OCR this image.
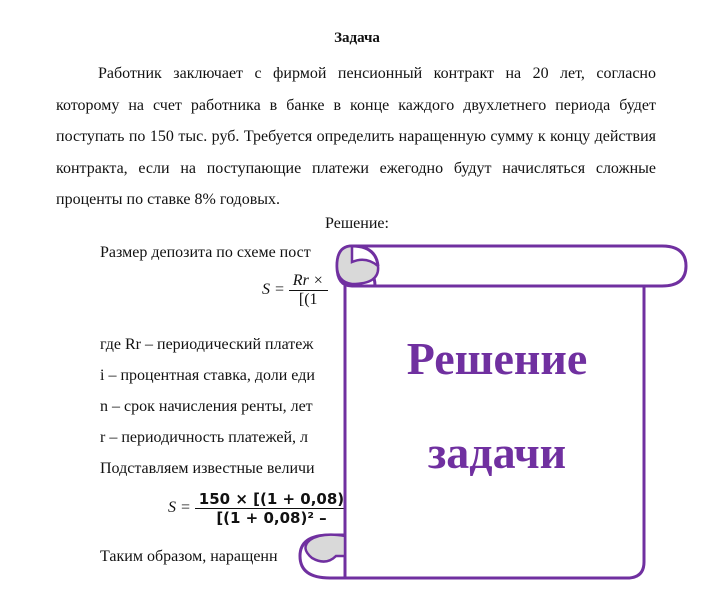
Задача
Работник заключает с фирмой пенсионный контракт на 20 лет, согласно которому на счет работника в банке в конце каждого двухлетнего периода будет поступать по 150 тыс. руб. Требуется определить наращенную сумму к концу действия контракта, если на поступающие платежи ежегодно будут начисляться сложные проценты по ставке 8% годовых.
Решение:
Размер депозита по схеме пост
$S = \frac{Rr \times}{[(1}$
где Rr – периодический платеж
i – процентная ставка, доли еди
n – срок начисления ренты, лет
r – периодичность платежей, л
Подставляем известные величи
$S = \frac{150 \times [(1 + 0,08)}{\text{[(1 + 0,08)² –}}$
Таким образом, наращенн
Решение
задачи
